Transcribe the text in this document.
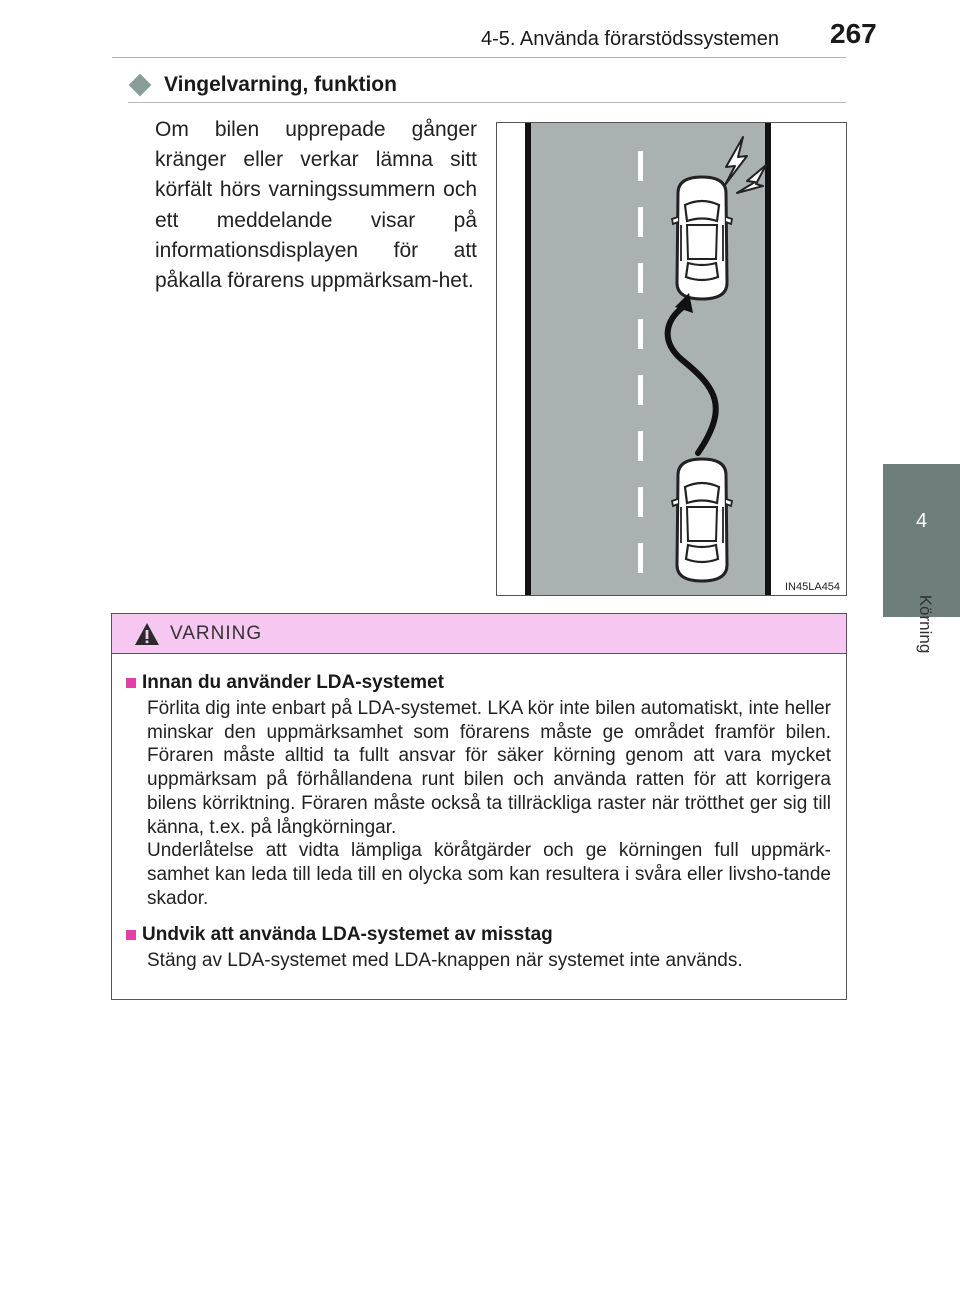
4-5. Använda förarstödssystemen 267
4
Körning
Vingelvarning, funktion

Om bilen upprepade gånger kränger eller verkar lämna sitt körfält hörs varningssummern och ett meddelande visar på informationsdisplayen för att påkalla förarens uppmärksam-het.

IN45LA454
VARNING
Innan du använder LDA-systemet

Förlita dig inte enbart på LDA-systemet. LKA kör inte bilen automatiskt, inte heller minskar den uppmärksamhet som förarens måste ge området framför bilen. Föraren måste alltid ta fullt ansvar för säker körning genom att vara mycket uppmärksam på förhållandena runt bilen och använda ratten för att korrigera bilens körriktning. Föraren måste också ta tillräckliga raster när trötthet ger sig till känna, t.ex. på långkörningar.

Underlåtelse att vidta lämpliga köråtgärder och ge körningen full uppmärk-samhet kan leda till leda till en olycka som kan resultera i svåra eller livsho-tande skador.

Undvik att använda LDA-systemet av misstag

Stäng av LDA-systemet med LDA-knappen när systemet inte används.
